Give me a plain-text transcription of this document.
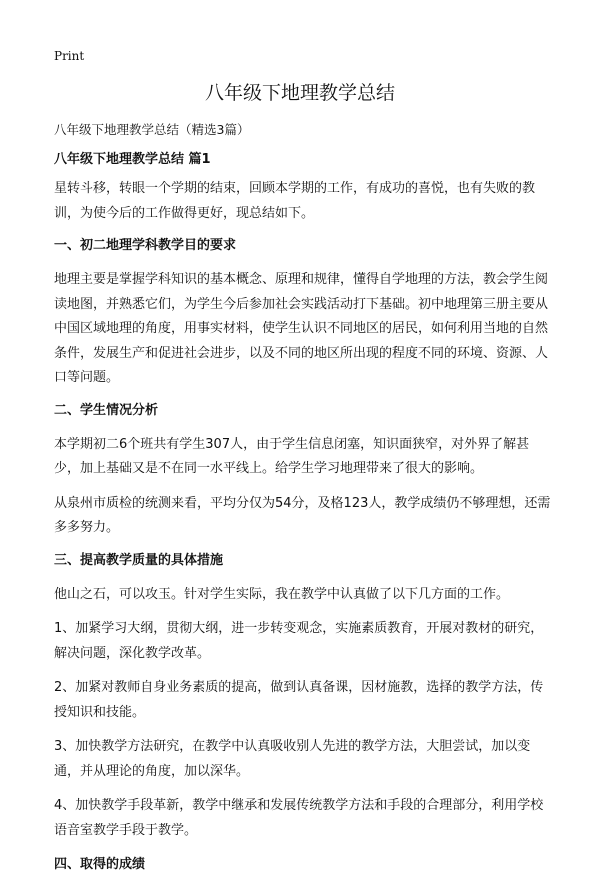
Print
八年级下地理教学总结
八年级下地理教学总结（精选3篇）
八年级下地理教学总结 篇1

星转斗移，转眼一个学期的结束，回顾本学期的工作，有成功的喜悦，也有失败的教训，为使今后的工作做得更好，现总结如下。

一、初二地理学科教学目的要求

地理主要是掌握学科知识的基本概念、原理和规律，懂得自学地理的方法，教会学生阅读地图，并熟悉它们，为学生今后参加社会实践活动打下基础。初中地理第三册主要从中国区域地理的角度，用事实材料，使学生认识不同地区的居民，如何利用当地的自然条件，发展生产和促进社会进步，以及不同的地区所出现的程度不同的环境、资源、人口等问题。

二、学生情况分析

本学期初二6个班共有学生307人，由于学生信息闭塞，知识面狭窄，对外界了解甚少，加上基础又是不在同一水平线上。给学生学习地理带来了很大的影响。

从泉州市质检的统测来看，平均分仅为54分，及格123人，教学成绩仍不够理想，还需多多努力。

三、提高教学质量的具体措施

他山之石，可以攻玉。针对学生实际，我在教学中认真做了以下几方面的工作。

1、加紧学习大纲，贯彻大纲，进一步转变观念，实施素质教育，开展对教材的研究，解决问题，深化教学改革。

2、加紧对教师自身业务素质的提高，做到认真备课，因材施教，选择的教学方法，传授知识和技能。

3、加快教学方法研究，在教学中认真吸收别人先进的教学方法，大胆尝试，加以变通，并从理论的角度，加以深华。

4、加快教学手段革新，教学中继承和发展传统教学方法和手段的合理部分，利用学校语音室教学手段于教学。

四、取得的成绩
